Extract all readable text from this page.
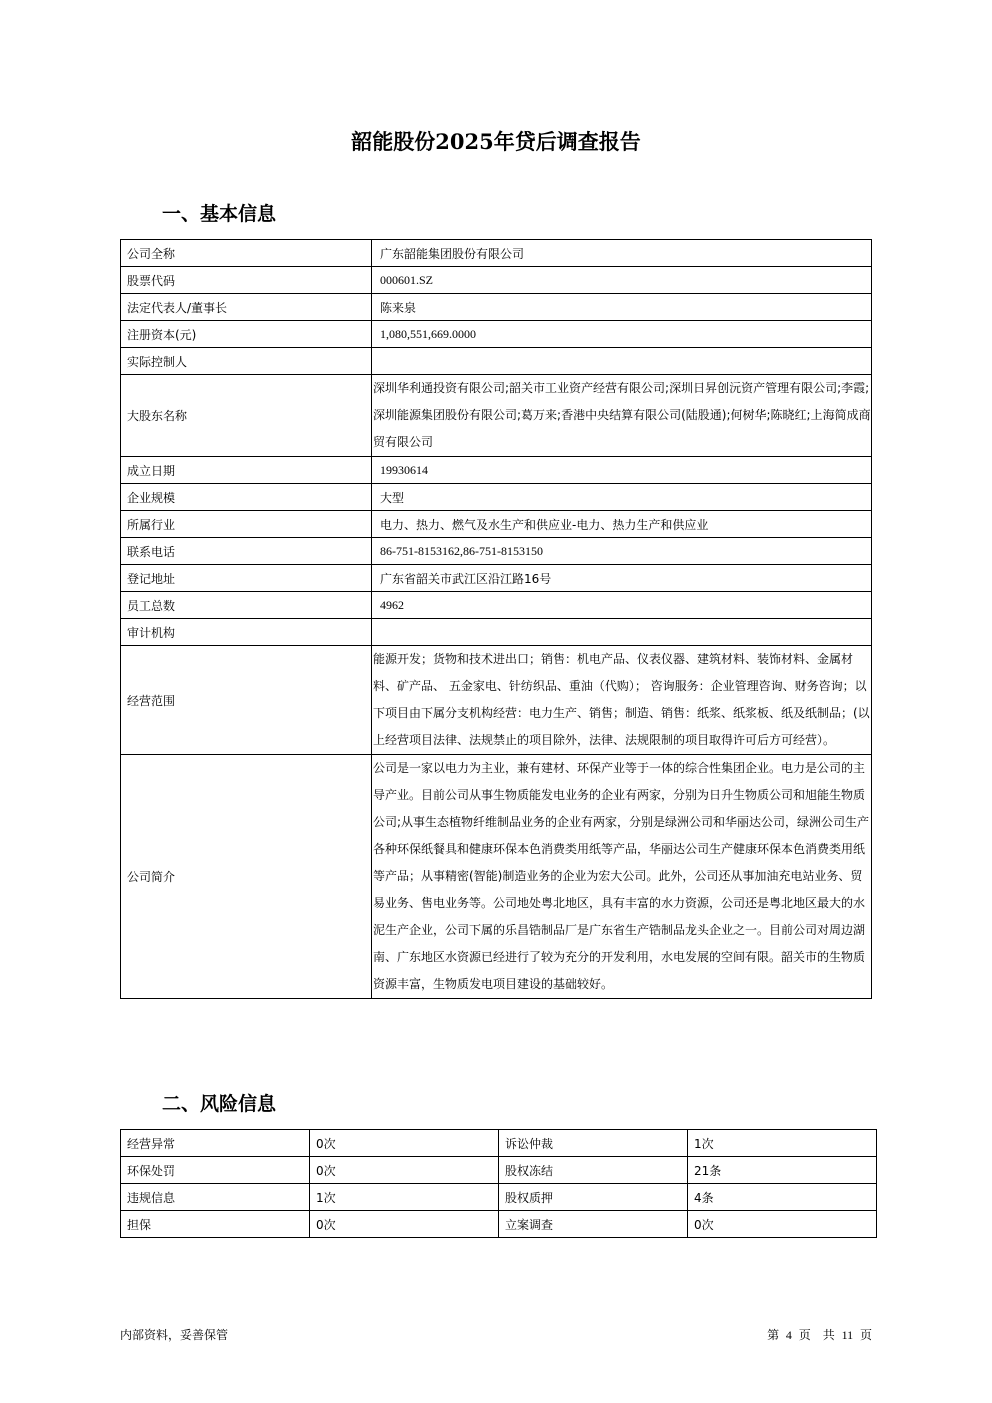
韶能股份2025年贷后调查报告
一、基本信息
公司全称	广东韶能集团股份有限公司

股票代码	000601.SZ

法定代表人/董事长	陈来泉

注册资本(元)	1,080,551,669.0000

实际控制人	

大股东名称	深圳华利通投资有限公司;韶关市工业资产经营有限公司;深圳日昇创沅资产管理有限公司;李霞;深圳能源集团股份有限公司;葛万来;香港中央结算有限公司(陆股通);何树华;陈晓红;上海简成商贸有限公司

成立日期	19930614

企业规模	大型

所属行业	电力、热力、燃气及水生产和供应业-电力、热力生产和供应业

联系电话	86-751-8153162,86-751-8153150

登记地址	广东省韶关市武江区沿江路16号

员工总数	4962

审计机构	

经营范围	能源开发；货物和技术进出口；销售：机电产品、仪表仪器、建筑材料、装饰材料、金属材料、矿产品、 五金家电、针纺织品、重油（代购）； 咨询服务：企业管理咨询、财务咨询；以下项目由下属分支机构经营：电力生产、销售；制造、销售：纸浆、纸浆板、纸及纸制品；(以上经营项目法律、法规禁止的项目除外，法律、法规限制的项目取得许可后方可经营）。

公司简介	公司是一家以电力为主业，兼有建材、环保产业等于一体的综合性集团企业。电力是公司的主导产业。目前公司从事生物质能发电业务的企业有两家，分别为日升生物质公司和旭能生物质公司;从事生态植物纤维制品业务的企业有两家，分别是绿洲公司和华丽达公司，绿洲公司生产各种环保纸餐具和健康环保本色消费类用纸等产品，华丽达公司生产健康环保本色消费类用纸等产品；从事精密(智能)制造业务的企业为宏大公司。此外，公司还从事加油充电站业务、贸易业务、售电业务等。公司地处粤北地区，具有丰富的水力资源，公司还是粤北地区最大的水泥生产企业，公司下属的乐昌锆制品厂是广东省生产锆制品龙头企业之一。目前公司对周边湖南、广东地区水资源已经进行了较为充分的开发利用，水电发展的空间有限。韶关市的生物质资源丰富，生物质发电项目建设的基础较好。
二、风险信息
经营异常	0次	诉讼仲裁	1次
环保处罚	0次	股权冻结	21条
违规信息	1次	股权质押	4条
担保	0次	立案调查	0次
内部资料，妥善保管	第 4 页　共 11 页
